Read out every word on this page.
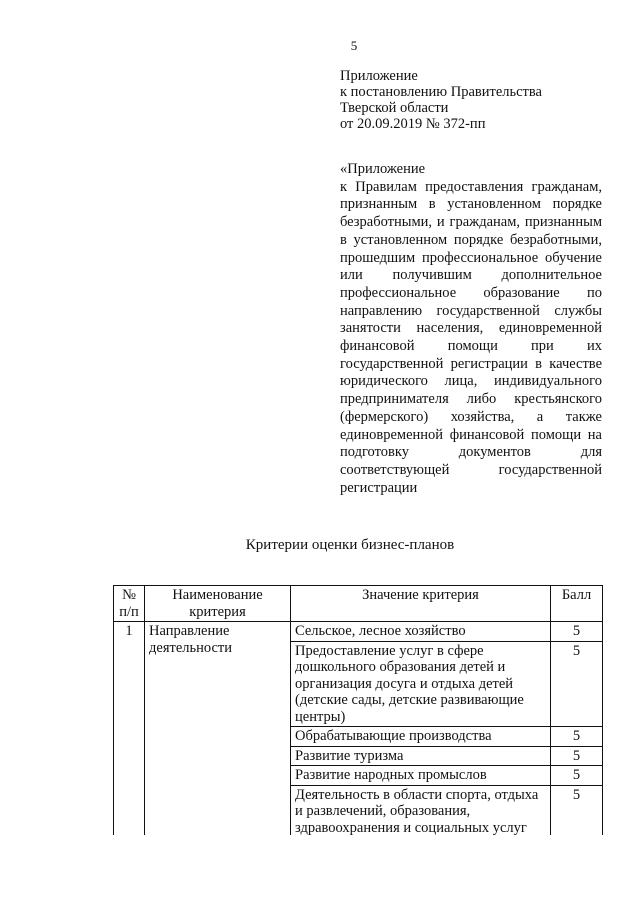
5
Приложение
к постановлению Правительства
Тверской области
от 20.09.2019 № 372-пп
«Приложение
к Правилам предоставления гражданам, признанным в установленном порядке безработными, и гражданам, признанным в установленном порядке безработными, прошедшим профессиональное обучение или получившим дополнительное профессиональное образование по направлению государственной службы занятости населения, единовременной финансовой помощи при их государственной регистрации в качестве юридического лица, индивидуального предпринимателя либо крестьянского (фермерского) хозяйства, а также единовременной финансовой помощи на подготовку документов для соответствующей государственной регистрации
Критерии оценки бизнес-планов
№ п/п	Наименование критерия	Значение критерия	Балл
1	Направление деятельности	Сельское, лесное хозяйство	5
		Предоставление услуг в сфере дошкольного образования детей и организация досуга и отдыха детей (детские сады, детские развивающие центры)	5
		Обрабатывающие производства	5
		Развитие туризма	5
		Развитие народных промыслов	5
		Деятельность в области спорта, отдыха и развлечений, образования, здравоохранения и социальных услуг	5
